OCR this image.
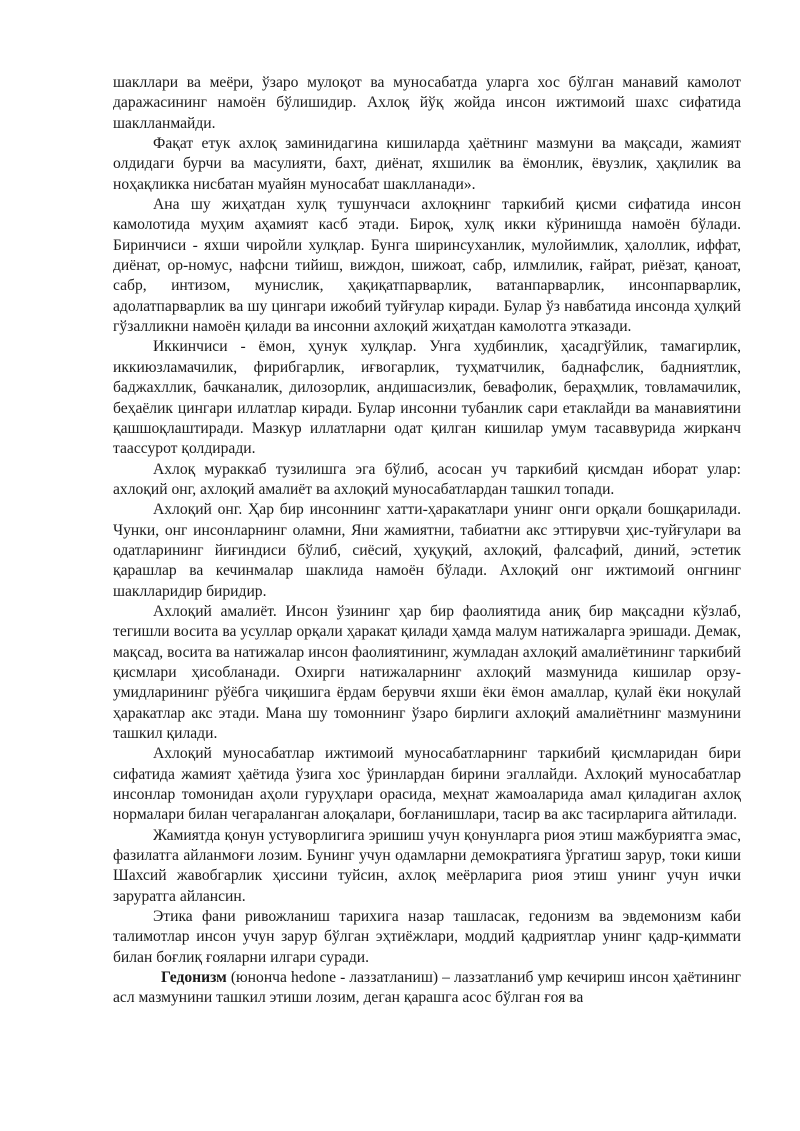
шакллари ва меёри, ўзаро мулоқот ва муносабатда уларга хос бўлган манавий камолот даражасининг намоён бўлишидир. Ахлоқ йўқ жойда инсон ижтимоий шахс сифатида шаклланмайди.

Фақат етук ахлоқ заминидагина кишиларда ҳаётнинг мазмуни ва мақсади, жамият олдидаги бурчи ва масулияти, бахт, диёнат, яхшилик ва ёмонлик, ёвузлик, ҳақлилик ва ноҳақликка нисбатан муайян муносабат шаклланади».

Ана шу жиҳатдан хулқ тушунчаси ахлоқнинг таркибий қисми сифатида инсон камолотида муҳим аҳамият касб этади. Бироқ, хулқ икки кўринишда намоён бўлади. Биринчиси - яхши чиройли хулқлар. Бунга ширинсуханлик, мулойимлик, ҳалоллик, иффат, диёнат, ор-номус, нафсни тийиш, виждон, шижоат, сабр, илмлилик, ғайрат, риёзат, қаноат, сабр, интизом, мунислик, ҳақиқатпарварлик, ватанпарварлик, инсонпарварлик, адолатпарварлик ва шу цингари ижобий туйғулар киради. Булар ўз навбатида инсонда ҳулқий гўзалликни намоён қилади ва инсонни ахлоқий жиҳатдан камолотга этказади.

Иккинчиси - ёмон, ҳунук хулқлар. Унга худбинлик, ҳасадгўйлик, тамагирлик, иккиюзламачилик, фирибгарлик, иғвогарлик, туҳматчилик, баднафслик, бадниятлик, баджахллик, бачканалик, дилозорлик, андишасизлик, бевафолик, бераҳмлик, товламачилик, беҳаёлик цингари иллатлар киради. Булар инсонни тубанлик сари етаклайди ва манавиятини қашшоқлаштиради. Мазкур иллатларни одат қилган кишилар умум тасаввурида жирканч таассурот қолдиради.

Ахлоқ мураккаб тузилишга эга бўлиб, асосан уч таркибий қисмдан иборат улар: ахлоқий онг, ахлоқий амалиёт ва ахлоқий муносабатлардан ташкил топади.

Ахлоқий онг. Ҳар бир инсоннинг хатти-ҳаракатлари унинг онги орқали бошқарилади. Чунки, онг инсонларнинг оламни, Яни жамиятни, табиатни акс эттирувчи ҳис-туйғулари ва одатларининг йиғиндиси бўлиб, сиёсий, ҳуқуқий, ахлоқий, фалсафий, диний, эстетик қарашлар ва кечинмалар шаклида намоён бўлади. Ахлоқий онг ижтимоий онгнинг шаклларидир биридир.

Ахлоқий амалиёт. Инсон ўзининг ҳар бир фаолиятида аниқ бир мақсадни кўзлаб, тегишли восита ва усуллар орқали ҳаракат қилади ҳамда малум натижаларга эришади. Демак, мақсад, восита ва натижалар инсон фаолиятининг, жумладан ахлоқий амалиётининг таркибий қисмлари ҳисобланади. Охирги натижаларнинг ахлоқий мазмунида кишилар орзу-умидларининг рўёбга чиқишига ёрдам берувчи яхши ёки ёмон амаллар, қулай ёки ноқулай ҳаракатлар акс этади. Мана шу томоннинг ўзаро бирлиги ахлоқий амалиётнинг мазмунини ташкил қилади.

Ахлоқий муносабатлар ижтимоий муносабатларнинг таркибий қисмларидан бири сифатида жамият ҳаётида ўзига хос ўринлардан бирини эгаллайди. Ахлоқий муносабатлар инсонлар томонидан аҳоли гуруҳлари орасида, меҳнат жамоаларида амал қиладиган ахлоқ нормалари билан чегараланган алоқалари, боғланишлари, тасир ва акс тасирларига айтилади.

Жамиятда қонун устуворлигига эришиш учун қонунларга риоя этиш мажбуриятга эмас, фазилатга айланмоғи лозим. Бунинг учун одамларни демократияга ўргатиш зарур, токи киши Шахсий жавобгарлик ҳиссини туйсин, ахлоқ меёрларига риоя этиш унинг учун ички заруратга айлансин.

Этика фани ривожланиш тарихига назар ташласак, гедонизм ва эвдемонизм каби талимотлар инсон учун зарур бўлган эҳтиёжлари, моддий қадриятлар унинг қадр-қиммати билан боғлиқ ғояларни илгари суради.

Гедонизм (юнонча hedone - лаззатланиш) – лаззатланиб умр кечириш инсон ҳаётининг асл мазмунини ташкил этиши лозим, деган қарашга асос бўлган ғоя ва
